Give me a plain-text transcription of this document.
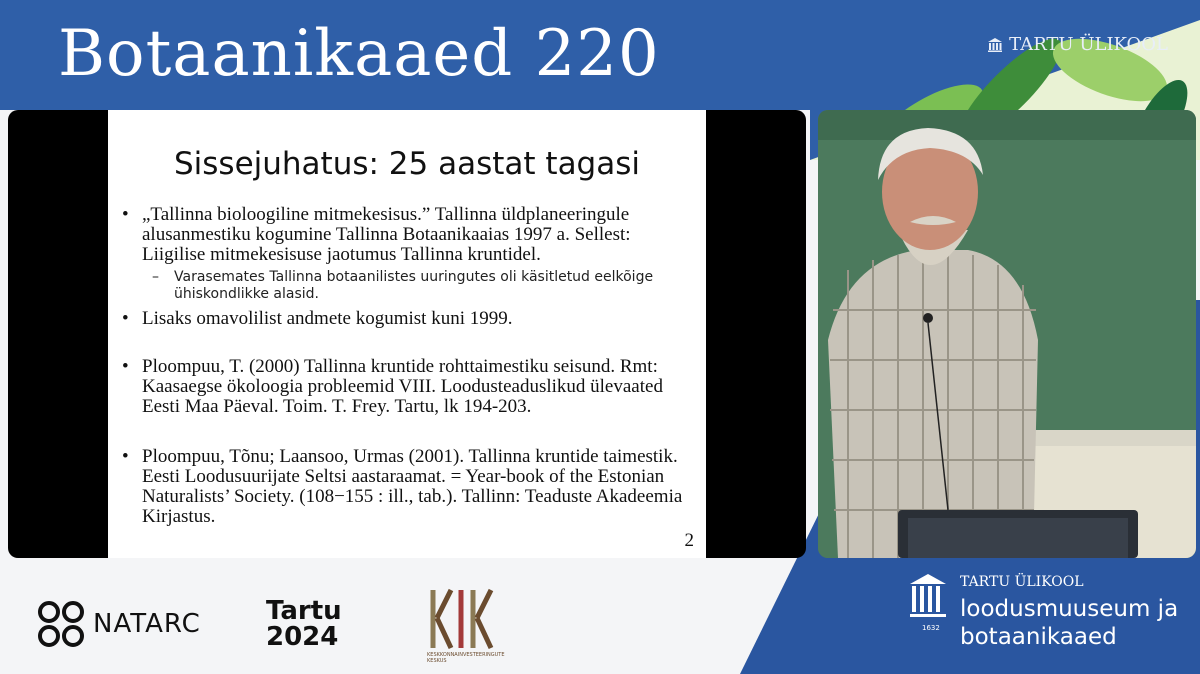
Botaanikaaed 220	TARTU ÜLIKOOL
Sissejuhatus: 25 aastat tagasi
• „Tallinna bioloogiline mitmekesisus.” Tallinna üldplaneeringule alusanmestiku kogumine Tallinna Botaanikaaias 1997 a. Sellest: Liigilise mitmekesisuse jaotumus Tallinna kruntidel.
– Varasemates Tallinna botaanilistes uuringutes oli käsitletud eelkõige ühiskondlikke alasid.
• Lisaks omavolilist andmete kogumist kuni 1999.
• Ploompuu, T. (2000) Tallinna kruntide rohttaimestiku seisund. Rmt: Kaasaegse ökoloogia probleemid VIII. Loodusteaduslikud ülevaated Eesti Maa Päeval. Toim. T. Frey. Tartu, lk 194-203.
• Ploompuu, Tõnu; Laansoo, Urmas (2001). Tallinna kruntide taimestik. Eesti Loodusuurijate Seltsi aastaraamat. = Year-book of the Estonian Naturalists’ Society. (108−155 : ill., tab.). Tallinn: Teaduste Akadeemia Kirjastus.
2
NATARC	Tartu
2024
KIK
KESKKONNAINVESTEERINGUTE KESKUS
1632
TARTU ÜLIKOOL
loodusmuuseum ja
botaanikaaed
